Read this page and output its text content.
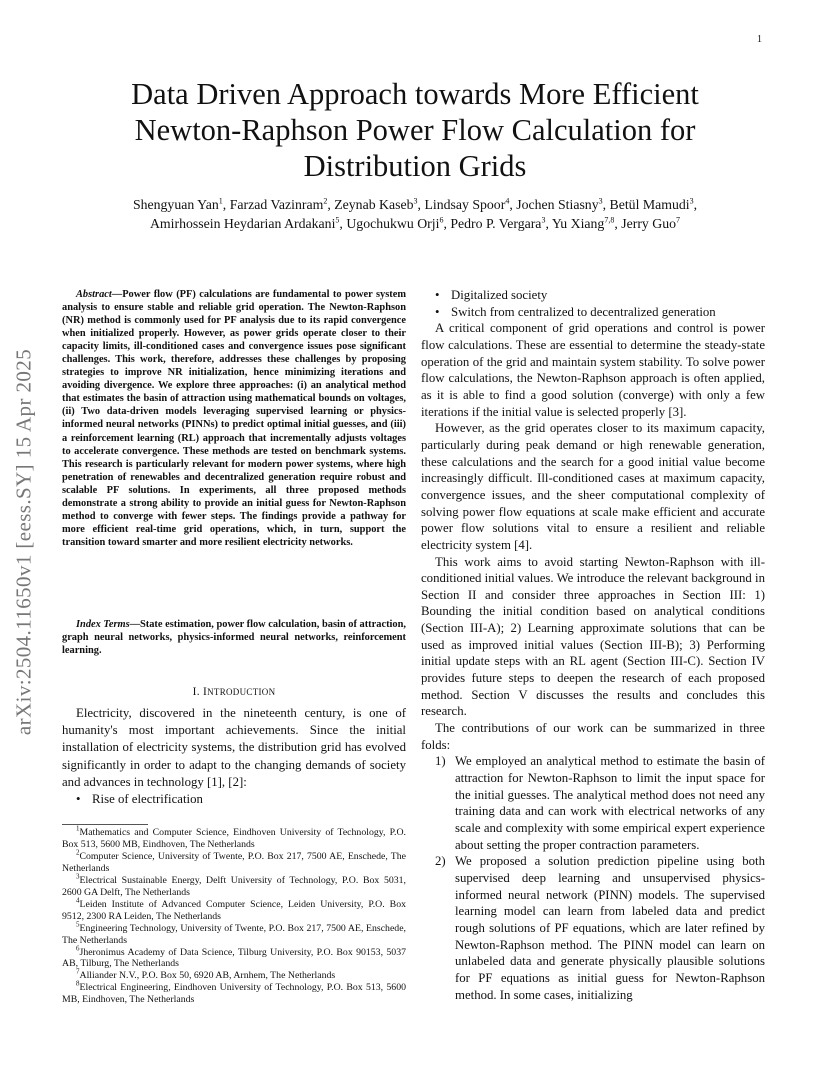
1
arXiv:2504.11650v1 [eess.SY] 15 Apr 2025
Data Driven Approach towards More Efficient
Newton-Raphson Power Flow Calculation for
Distribution Grids
Shengyuan Yan$^1$, Farzad Vazinram$^2$, Zeynab Kaseb$^3$, Lindsay Spoor$^4$, Jochen Stiasny$^3$, Betül Mamudi$^3$,
Amirhossein Heydarian Ardakani$^5$, Ugochukwu Orji$^6$, Pedro P. Vergara$^3$, Yu Xiang$^{7,8}$, Jerry Guo$^7$

Abstract—Power flow (PF) calculations are fundamental to power system analysis to ensure stable and reliable grid operation. The Newton-Raphson (NR) method is commonly used for PF analysis due to its rapid convergence when initialized properly. However, as power grids operate closer to their capacity limits, ill-conditioned cases and convergence issues pose significant challenges. This work, therefore, addresses these challenges by proposing strategies to improve NR initialization, hence minimizing iterations and avoiding divergence. We explore three approaches: (i) an analytical method that estimates the basin of attraction using mathematical bounds on voltages, (ii) Two data-driven models leveraging supervised learning or physics-informed neural networks (PINNs) to predict optimal initial guesses, and (iii) a reinforcement learning (RL) approach that incrementally adjusts voltages to accelerate convergence. These methods are tested on benchmark systems. This research is particularly relevant for modern power systems, where high penetration of renewables and decentralized generation require robust and scalable PF solutions. In experiments, all three proposed methods demonstrate a strong ability to provide an initial guess for Newton-Raphson method to converge with fewer steps. The findings provide a pathway for more efficient real-time grid operations, which, in turn, support the transition toward smarter and more resilient electricity networks.

Index Terms—State estimation, power flow calculation, basin of attraction, graph neural networks, physics-informed neural networks, reinforcement learning.

I. INTRODUCTION

Electricity, discovered in the nineteenth century, is one of humanity's most important achievements. Since the initial installation of electricity systems, the distribution grid has evolved significantly in order to adapt to the changing demands of society and advances in technology [1], [2]:

• Rise of electrification

$^1$Mathematics and Computer Science, Eindhoven University of Technology, P.O. Box 513, 5600 MB, Eindhoven, The Netherlands

$^2$Computer Science, University of Twente, P.O. Box 217, 7500 AE, Enschede, The Netherlands

$^3$Electrical Sustainable Energy, Delft University of Technology, P.O. Box 5031, 2600 GA Delft, The Netherlands

$^4$Leiden Institute of Advanced Computer Science, Leiden University, P.O. Box 9512, 2300 RA Leiden, The Netherlands

$^5$Engineering Technology, University of Twente, P.O. Box 217, 7500 AE, Enschede, The Netherlands

$^6$Jheronimus Academy of Data Science, Tilburg University, P.O. Box 90153, 5037 AB, Tilburg, The Netherlands

$^7$Alliander N.V., P.O. Box 50, 6920 AB, Arnhem, The Netherlands

$^8$Electrical Engineering, Eindhoven University of Technology, P.O. Box 513, 5600 MB, Eindhoven, The Netherlands

• Digitalized society
• Switch from centralized to decentralized generation

A critical component of grid operations and control is power flow calculations. These are essential to determine the steady-state operation of the grid and maintain system stability. To solve power flow calculations, the Newton-Raphson approach is often applied, as it is able to find a good solution (converge) with only a few iterations if the initial value is selected properly [3].

However, as the grid operates closer to its maximum capacity, particularly during peak demand or high renewable generation, these calculations and the search for a good initial value become increasingly difficult. Ill-conditioned cases at maximum capacity, convergence issues, and the sheer computational complexity of solving power flow equations at scale make efficient and accurate power flow solutions vital to ensure a resilient and reliable electricity system [4].

This work aims to avoid starting Newton-Raphson with ill-conditioned initial values. We introduce the relevant background in Section II and consider three approaches in Section III: 1) Bounding the initial condition based on analytical conditions (Section III-A); 2) Learning approximate solutions that can be used as improved initial values (Section III-B); 3) Performing initial update steps with an RL agent (Section III-C). Section IV provides future steps to deepen the research of each proposed method. Section V discusses the results and concludes this research.

The contributions of our work can be summarized in three folds:

1) We employed an analytical method to estimate the basin of attraction for Newton-Raphson to limit the input space for the initial guesses. The analytical method does not need any training data and can work with electrical networks of any scale and complexity with some empirical expert experience about setting the proper contraction parameters.
2) We proposed a solution prediction pipeline using both supervised deep learning and unsupervised physics-informed neural network (PINN) models. The supervised learning model can learn from labeled data and predict rough solutions of PF equations, which are later refined by Newton-Raphson method. The PINN model can learn on unlabeled data and generate physically plausible solutions for PF equations as initial guess for Newton-Raphson method. In some cases, initializing
